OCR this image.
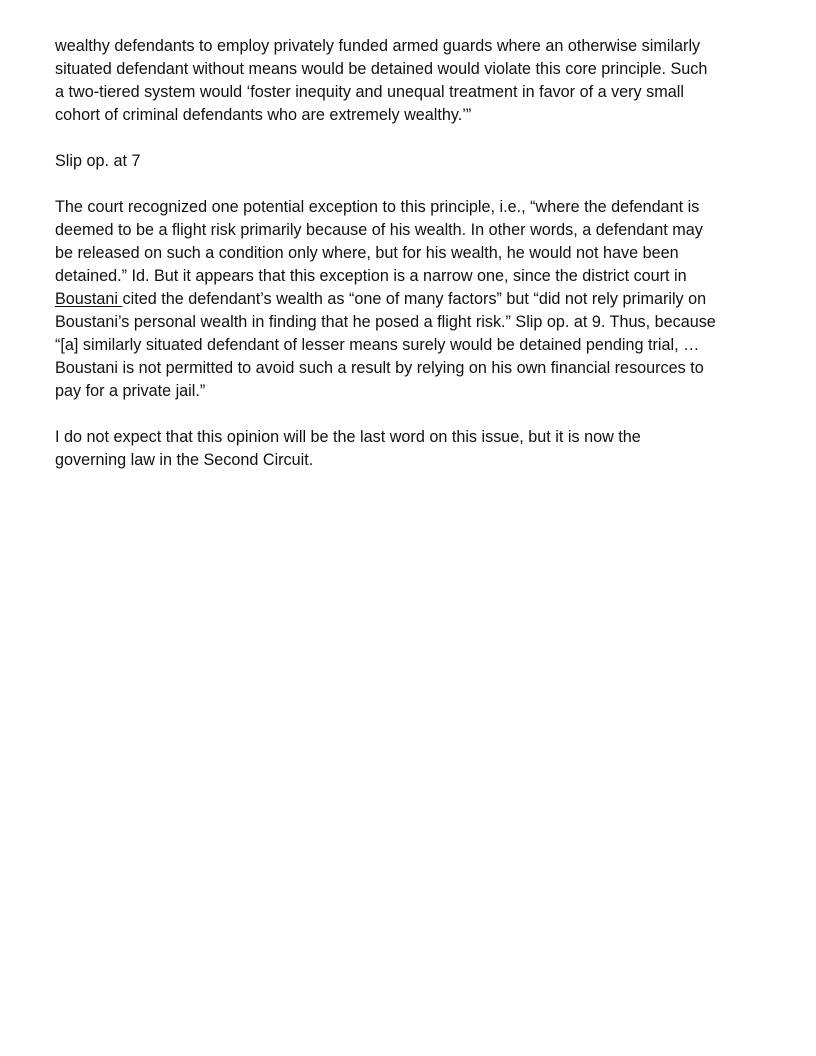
wealthy defendants to employ privately funded armed guards where an otherwise similarly
situated defendant without means would be detained would violate this core principle. Such
a two-tiered system would ‘foster inequity and unequal treatment in favor of a very small
cohort of criminal defendants who are extremely wealthy.’”

Slip op. at 7

The court recognized one potential exception to this principle, i.e., “where the defendant is
deemed to be a flight risk primarily because of his wealth. In other words, a defendant may
be released on such a condition only where, but for his wealth, he would not have been
detained.” Id. But it appears that this exception is a narrow one, since the district court in
Boustani cited the defendant’s wealth as “one of many factors” but “did not rely primarily on
Boustani’s personal wealth in finding that he posed a flight risk.” Slip op. at 9. Thus, because
“[a] similarly situated defendant of lesser means surely would be detained pending trial, …
Boustani is not permitted to avoid such a result by relying on his own financial resources to
pay for a private jail.”

I do not expect that this opinion will be the last word on this issue, but it is now the
governing law in the Second Circuit.
